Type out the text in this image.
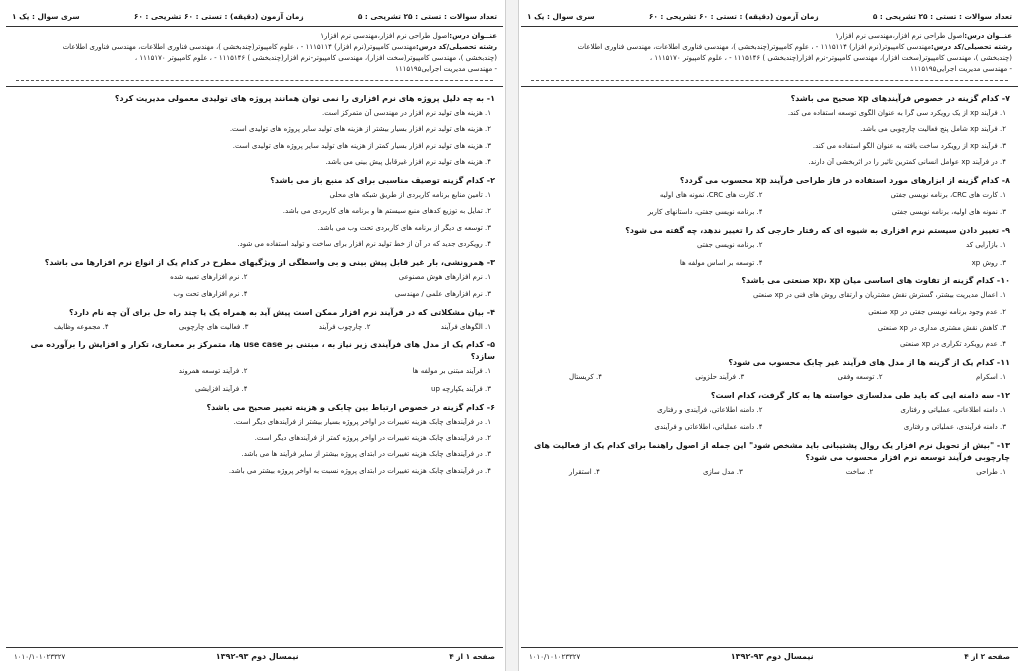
تعداد سوالات : تستی : ۲۵ تشریحی : ۵
زمان آزمون (دقیقه) : تستی : ۶۰ تشریحی : ۶۰
سری سوال : یک ۱
عنــوان درس:اصول طراحی نرم افزار،مهندسی نرم افزار۱
رشته تحصیلی/کد درس:مهندسی کامپیوتر(نرم افزار) ۱۱۱۵۱۱۴ - ، علوم کامپیوتر(چندبخشی )، مهندسی فناوری اطلاعات، مهندسی فناوری اطلاعات
(چندبخشی )، مهندسی کامپیوتر(سخت افزار)، مهندسی کامپیوتر-نرم افزار(چندبخشی ) ۱۱۱۵۱۴۶ - ، علوم کامپیوتر ۱۱۱۵۱۷۰ ،
- مهندسی مدیریت اجرایی۱۱۱۵۱۹۵
۱- به چه دلیل پروژه های نرم افزاری را نمی توان همانند پروژه های تولیدی معمولی مدیریت کرد؟
۱. هزینه های تولید نرم افزار در مهندسی آن متمرکز است.
۲. هزینه های تولید نرم افزار بسیار بیشتر از هزینه های تولید سایر پروژه های تولیدی است.
۳. هزینه های تولید نرم افزار بسیار کمتر از هزینه های تولید سایر پروژه های تولیدی است.
۴. هزینه های تولید نرم افزار غیرقابل پیش بینی می باشد.
۲- کدام گزینه توصیف مناسبی برای کد منبع باز می باشد؟
۱. تامین منابع برنامه کاربردی از طریق شبکه های محلی
۲. تمایل به توزیع کدهای منبع سیستم ها و برنامه های کاربردی می باشد.
۳. توسعه ی دیگر از برنامه های کاربردی تحت وب می باشد.
۴. رویکردی جدید که در آن از خط تولید نرم افزار برای ساخت و تولید استفاده می شود.
۳- همرونشی، بار غیر قابل پیش بینی و بی واسطگی از ویژگیهای مطرح در کدام یک از انواع نرم افزارها می باشد؟
۱. نرم افزارهای هوش مصنوعی
۲. نرم افزارهای تعبیه شده
۳. نرم افزارهای علمی / مهندسی
۴. نرم افزارهای تحت وب
۴- بیان مشکلاتی که در فرآیند نرم افزار ممکن است پیش آید به همراه یک یا چند راه حل برای آن چه نام دارد؟
۱. الگوهای فرآیند
۲. چارچوب فرآیند
۳. فعالیت های چارچوبی
۴. مجموعه وظایف
۵- کدام یک از مدل های فرآیندی زیر نیاز به ، مبتنی بر use case ها، متمرکز بر معماری، تکرار و افزایش را برآورده می سازد؟
۱. فرآیند مبتنی بر مولفه ها
۲. فرآیند توسعه همروند
۳. فرآیند یکپارچه up
۴. فرآیند افزایشی
۶- کدام گزینه در خصوص ارتباط بین چابکی و هزینه تغییر صحیح می باشد؟
۱. در فرآیندهای چابک هزینه تغییرات در اواخر پروژه بسیار بیشتر از فرآیندهای دیگر است.
۲. در فرآیندهای چابک هزینه تغییرات در اواخر پروژه کمتر از فرآیندهای دیگر است.
۳. در فرآیندهای چابک هزینه تغییرات در ابتدای پروژه بیشتر از سایر فرآیند ها می باشد.
۴. در فرآیندهای چابک هزینه تغییرات در ابتدای پروژه نسبت به اواخر پروژه بیشتر می باشد.
صفحه ۱ از ۴
نیمسال دوم ۹۳-۱۳۹۲
۱۰۱۰/۱۰۱۰۲۳۳۲۷
تعداد سوالات : تستی : ۲۵ تشریحی : ۵
زمان آزمون (دقیقه) : تستی : ۶۰ تشریحی : ۶۰
سری سوال : یک ۱
عنــوان درس:اصول طراحی نرم افزار،مهندسی نرم افزار۱
رشته تحصیلی/کد درس:مهندسی کامپیوتر(نرم افزار) ۱۱۱۵۱۱۴ - ، علوم کامپیوتر(چندبخشی )، مهندسی فناوری اطلاعات، مهندسی فناوری اطلاعات
(چندبخشی )، مهندسی کامپیوتر(سخت افزار)، مهندسی کامپیوتر-نرم افزار(چندبخشی ) ۱۱۱۵۱۴۶ - ، علوم کامپیوتر ۱۱۱۵۱۷۰ ،
- مهندسی مدیریت اجرایی۱۱۱۵۱۹۵
۷- کدام گزینه در خصوص فرآیندهای xp صحیح می باشد؟
۱. فرآیند xp از یک رویکرد سی گرا به عنوان الگوی توسعه استفاده می کند.
۲. فرآیند xp شامل پنج فعالیت چارچوبی می باشد.
۳. فرآیند xp از رویکرد ساخت یافته به عنوان الگو استفاده می کند.
۴. در فرآیند xp عوامل انسانی کمترین تاثیر را در اثربخشی آن دارند.
۸- کدام گزینه از ابزارهای مورد استفاده در فاز طراحی فرآیند xp محسوب می گردد؟
۱. کارت های CRC، برنامه نویسی جفتی
۲. کارت های CRC، نمونه های اولیه
۳. نمونه های اولیه، برنامه نویسی جفتی
۴. برنامه نویسی جفتی، داستانهای کاربر
۹- تغییر دادن سیستم نرم افزاری به شیوه ای که رفتار خارجی کد را تغییر ندهد، چه گفته می شود؟
۱. بازآرایی کد
۲. برنامه نویسی جفتی
۳. روش xp
۴. توسعه بر اساس مولفه ها
۱۰- کدام گزینه از تفاوت های اساسی میان xp، xp صنعتی می باشد؟
۱. اعمال مدیریت بیشتر، گسترش نقش مشتریان و ارتقای روش های فنی در xp صنعتی
۲. عدم وجود برنامه نویسی جفتی در xp صنعتی
۳. کاهش نقش مشتری مداری در xp صنعتی
۴. عدم رویکرد تکراری در xp صنعتی
۱۱- کدام یک از گزینه ها از مدل های فرآیند غیر چابک محسوب می شود؟
۱. اسکرام
۲. توسعه وفقی
۳. فرآیند حلزونی
۴. کریستال
۱۲- سه دامنه ایی که باید طی مدلسازی خواسته ها به کار گرفت، کدام است؟
۱. دامنه اطلاعاتی، عملیاتی و رفتاری
۲. دامنه اطلاعاتی، فرآیندی و رفتاری
۳. دامنه فرآیندی، عملیاتی و رفتاری
۴. دامنه عملیاتی، اطلاعاتی و فرآیندی
۱۳- "بیش از تحویل نرم افزار یک روال پشتیبانی باید مشخص شود" این جمله از اصول راهنما برای کدام یک از فعالیت های چارچوبی فرآیند توسعه نرم افزار محسوب می شود؟
۱. طراحی
۲. ساخت
۳. مدل سازی
۴. استقرار
صفحه ۲ از ۴
نیمسال دوم ۹۳-۱۳۹۲
۱۰۱۰/۱۰۱۰۲۳۳۲۷
